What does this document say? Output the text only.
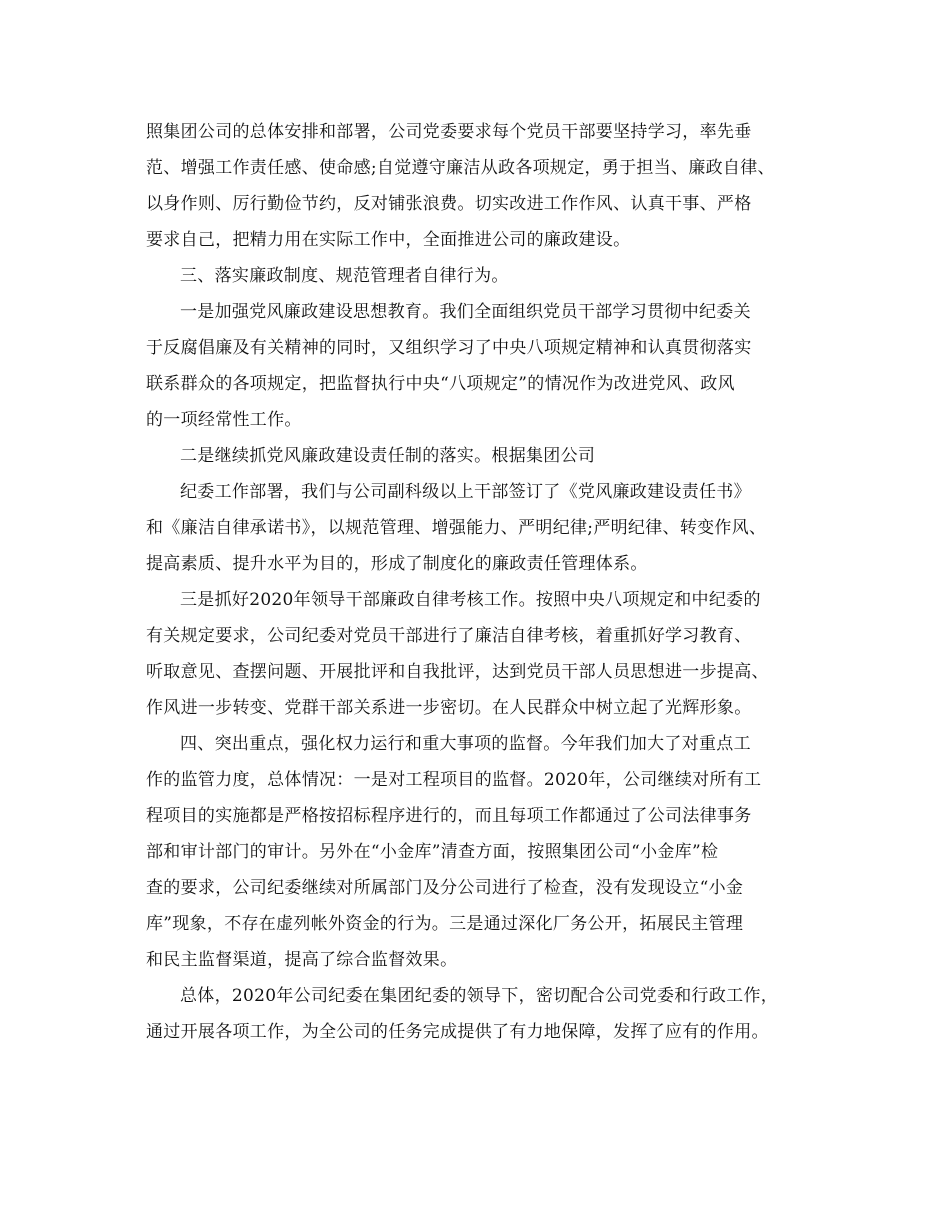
照集团公司的总体安排和部署，公司党委要求每个党员干部要坚持学习，率先垂
范、增强工作责任感、使命感;自觉遵守廉洁从政各项规定，勇于担当、廉政自律、
以身作则、厉行勤俭节约，反对铺张浪费。切实改进工作作风、认真干事、严格
要求自己，把精力用在实际工作中，全面推进公司的廉政建设。
三、落实廉政制度、规范管理者自律行为。
一是加强党风廉政建设思想教育。我们全面组织党员干部学习贯彻中纪委关
于反腐倡廉及有关精神的同时，又组织学习了中央八项规定精神和认真贯彻落实
联系群众的各项规定，把监督执行中央“八项规定”的情况作为改进党风、政风
的一项经常性工作。
二是继续抓党风廉政建设责任制的落实。根据集团公司
纪委工作部署，我们与公司副科级以上干部签订了《党风廉政建设责任书》
和《廉洁自律承诺书》，以规范管理、增强能力、严明纪律;严明纪律、转变作风、
提高素质、提升水平为目的，形成了制度化的廉政责任管理体系。
三是抓好2020年领导干部廉政自律考核工作。按照中央八项规定和中纪委的
有关规定要求，公司纪委对党员干部进行了廉洁自律考核，着重抓好学习教育、
听取意见、查摆问题、开展批评和自我批评，达到党员干部人员思想进一步提高、
作风进一步转变、党群干部关系进一步密切。在人民群众中树立起了光辉形象。
四、突出重点，强化权力运行和重大事项的监督。今年我们加大了对重点工
作的监管力度，总体情况：一是对工程项目的监督。2020年，公司继续对所有工
程项目的实施都是严格按招标程序进行的，而且每项工作都通过了公司法律事务
部和审计部门的审计。另外在“小金库”清查方面，按照集团公司“小金库”检
查的要求，公司纪委继续对所属部门及分公司进行了检查，没有发现设立“小金
库”现象，不存在虚列帐外资金的行为。三是通过深化厂务公开，拓展民主管理
和民主监督渠道，提高了综合监督效果。
总体，2020年公司纪委在集团纪委的领导下，密切配合公司党委和行政工作，
通过开展各项工作，为全公司的任务完成提供了有力地保障，发挥了应有的作用。
